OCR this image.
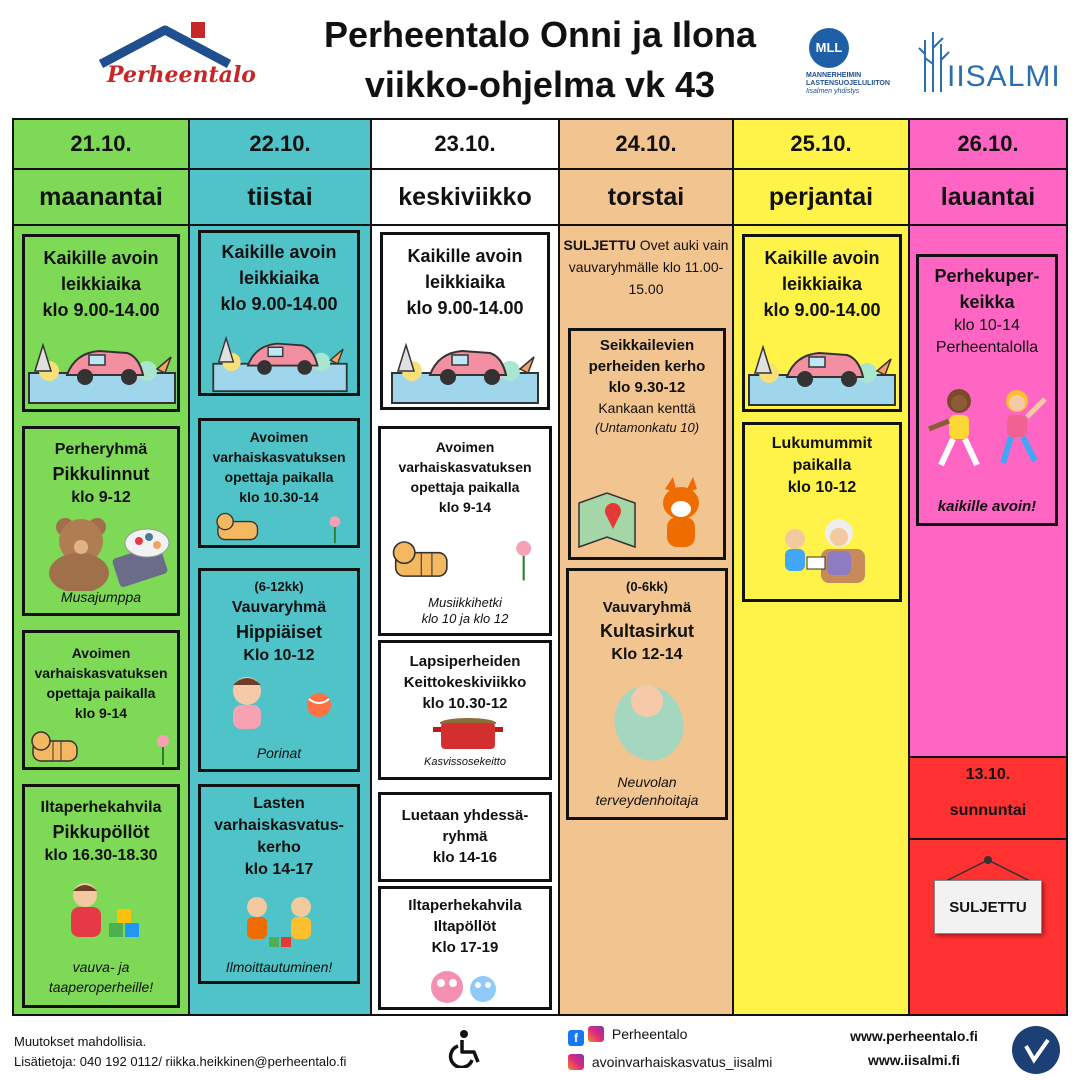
Perheentalo
Perheentalo Onni ja Ilona
viikko-ohjelma vk 43
MLL
MANNERHEIMIN
LASTENSUOJELULIITON
Iisalmen yhdistys	IISALMI
21.10.
maanantai
Kaikille avoin
leikkiaika
klo 9.00-14.00
Perheryhmä
Pikkulinnut
klo 9-12
Musajumppa
Avoimen
varhaiskasvatuksen
opettaja paikalla
klo 9-14
Iltaperhekahvila
Pikkupöllöt
klo 16.30-18.30
vauva- ja
taaperoperheille!
22.10.
tiistai
Kaikille avoin
leikkiaika
klo 9.00-14.00
Avoimen
varhaiskasvatuksen
opettaja paikalla
klo 10.30-14
(6-12kk)
Vauvaryhmä
Hippiäiset
Klo 10-12
Porinat
Lasten
varhaiskasvatus-
kerho
klo 14-17
Ilmoittautuminen!
23.10.
keskiviikko
Kaikille avoin
leikkiaika
klo 9.00-14.00
Avoimen
varhaiskasvatuksen
opettaja paikalla
klo 9-14
Musiikkihetki
klo 10 ja klo 12
Lapsiperheiden
Keittokeskiviikko
klo 10.30-12
Kasvissosekeitto
Luetaan yhdessä-
ryhmä
klo 14-16
Iltaperhekahvila
Iltapöllöt
Klo 17-19
24.10.
torstai
SULJETTU Ovet auki vain vauvaryhmälle klo 11.00-15.00
Seikkailevien
perheiden kerho
klo 9.30-12
Kankaan kenttä
(Untamonkatu 10)
(0-6kk)
Vauvaryhmä
Kultasirkut
Klo 12-14
Neuvolan
terveydenhoitaja
25.10.
perjantai
Kaikille avoin
leikkiaika
klo 9.00-14.00
Lukumummit
paikalla
klo 10-12
26.10.
lauantai
Perhekuper-
keikka
klo 10-14
Perheentalolla
kaikille avoin!
13.10.
sunnuntai
SULJETTU
Muutokset mahdollisia.
Lisätietoja: 040 192 0112/ riikka.heikkinen@perheentalo.fi
f Perheentalo
avoinvarhaiskasvatus_iisalmi
www.perheentalo.fi
www.iisalmi.fi
